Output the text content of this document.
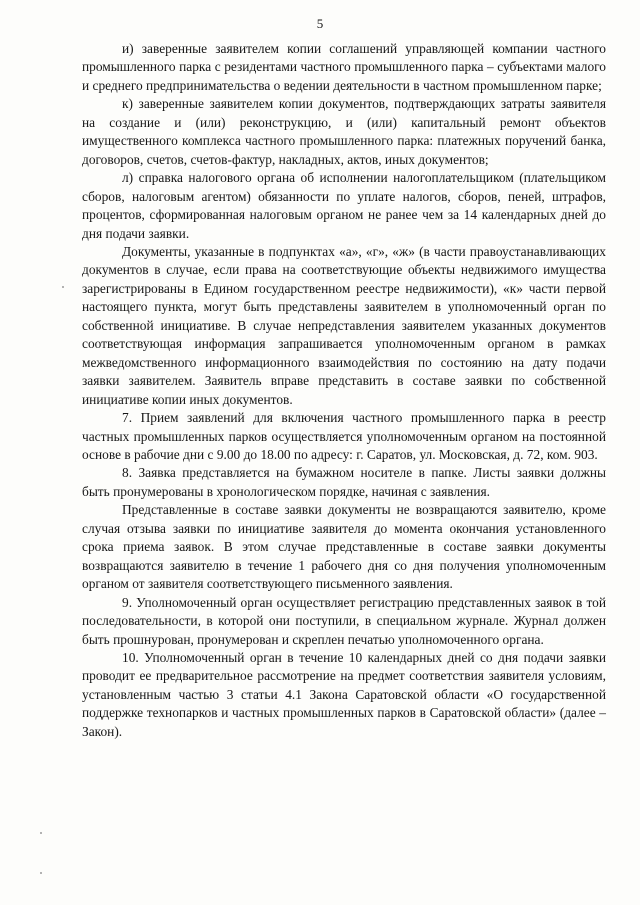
5

и) заверенные заявителем копии соглашений управляющей компании частного промышленного парка с резидентами частного промышленного парка – субъектами малого и среднего предпринимательства о ведении деятельности в частном промышленном парке;

к) заверенные заявителем копии документов, подтверждающих затраты заявителя на создание и (или) реконструкцию, и (или) капитальный ремонт объектов имущественного комплекса частного промышленного парка: платежных поручений банка, договоров, счетов, счетов-фактур, накладных, актов, иных документов;

л) справка налогового органа об исполнении налогоплательщиком (плательщиком сборов, налоговым агентом) обязанности по уплате налогов, сборов, пеней, штрафов, процентов, сформированная налоговым органом не ранее чем за 14 календарных дней до дня подачи заявки.

Документы, указанные в подпунктах «а», «г», «ж» (в части правоустанавливающих документов в случае, если права на соответствующие объекты недвижимого имущества зарегистрированы в Едином государственном реестре недвижимости), «к» части первой настоящего пункта, могут быть представлены заявителем в уполномоченный орган по собственной инициативе. В случае непредставления заявителем указанных документов соответствующая информация запрашивается уполномоченным органом в рамках межведомственного информационного взаимодействия по состоянию на дату подачи заявки заявителем. Заявитель вправе представить в составе заявки по собственной инициативе копии иных документов.

7. Прием заявлений для включения частного промышленного парка в реестр частных промышленных парков осуществляется уполномоченным органом на постоянной основе в рабочие дни с 9.00 до 18.00 по адресу: г. Саратов, ул. Московская, д. 72, ком. 903.

8. Заявка представляется на бумажном носителе в папке. Листы заявки должны быть пронумерованы в хронологическом порядке, начиная с заявления.

Представленные в составе заявки документы не возвращаются заявителю, кроме случая отзыва заявки по инициативе заявителя до момента окончания установленного срока приема заявок. В этом случае представленные в составе заявки документы возвращаются заявителю в течение 1 рабочего дня со дня получения уполномоченным органом от заявителя соответствующего письменного заявления.

9. Уполномоченный орган осуществляет регистрацию представленных заявок в той последовательности, в которой они поступили, в специальном журнале. Журнал должен быть прошнурован, пронумерован и скреплен печатью уполномоченного органа.

10. Уполномоченный орган в течение 10 календарных дней со дня подачи заявки проводит ее предварительное рассмотрение на предмет соответствия заявителя условиям, установленным частью 3 статьи 4.1 Закона Саратовской области «О государственной поддержке технопарков и частных промышленных парков в Саратовской области» (далее – Закон).
